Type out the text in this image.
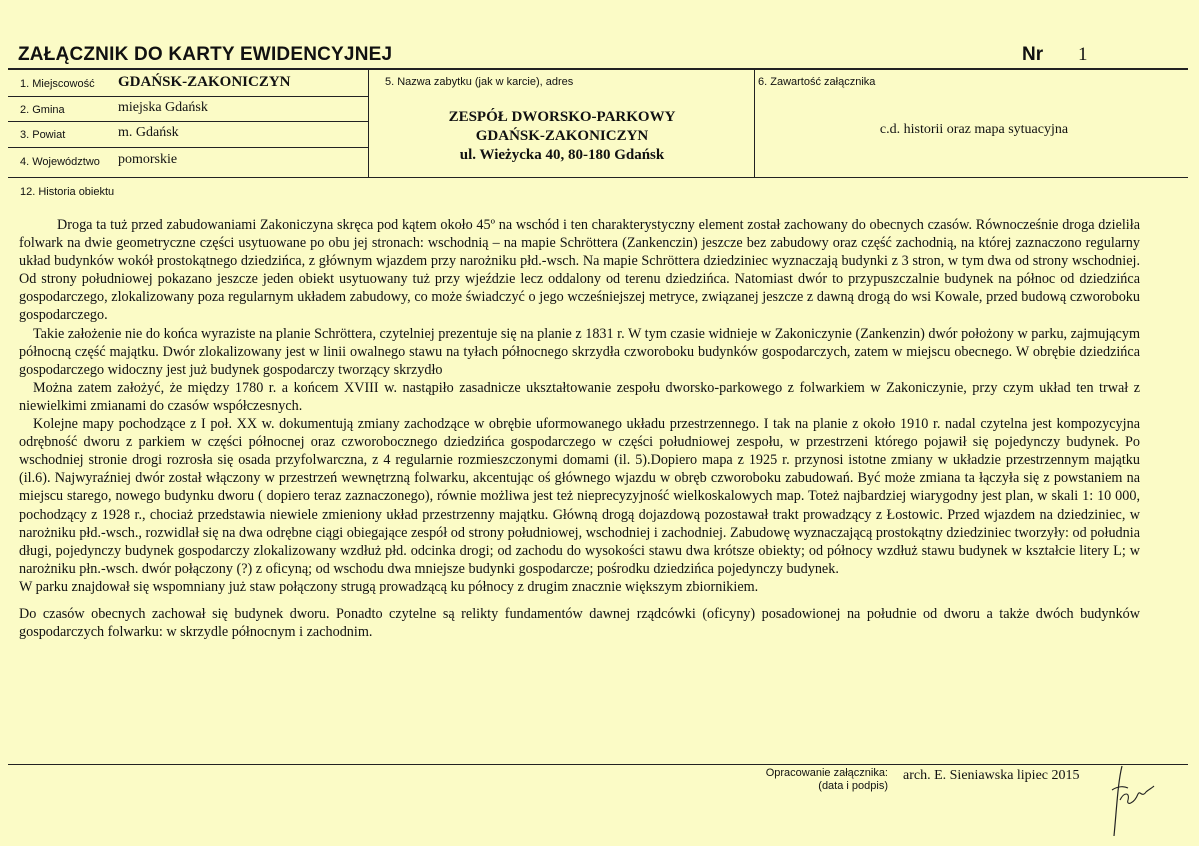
ZAŁĄCZNIK DO KARTY EWIDENCYJNEJ	Nr 1
1. Miejscowość GDAŃSK-ZAKONICZYN
2. Gmina	miejska Gdańsk
3. Powiat	m. Gdańsk
4. Województwo pomorskie
5. Nazwa zabytku (jak w karcie), adres
ZESPÓŁ DWORSKO-PARKOWY
GDAŃSK-ZAKONICZYN
ul. Wieżycka 40, 80-180 Gdańsk
6. Zawartość załącznika
c.d. historii oraz mapa sytuacyjna
12. Historia obiektu

Droga ta tuż przed zabudowaniami Zakoniczyna skręca pod kątem około 45º na wschód i ten charakterystyczny element został zachowany do obecnych czasów. Równocześnie droga dzieliła folwark na dwie geometryczne części usytuowane po obu jej stronach: wschodnią – na mapie Schröttera (Zankenczin) jeszcze bez zabudowy oraz część zachodnią, na której zaznaczono regularny układ budynków wokół prostokątnego dziedzińca, z głównym wjazdem przy narożniku płd.-wsch. Na mapie Schröttera dziedziniec wyznaczają budynki z 3 stron, w tym dwa od strony wschodniej. Od strony południowej pokazano jeszcze jeden obiekt usytuowany tuż przy wjeździe lecz oddalony od terenu dziedzińca. Natomiast dwór to przypuszczalnie budynek na północ od dziedzińca gospodarczego, zlokalizowany poza regularnym układem zabudowy, co może świadczyć o jego wcześniejszej metryce, związanej jeszcze z dawną drogą do wsi Kowale, przed budową czworoboku gospodarczego.

Takie założenie nie do końca wyraziste na planie Schröttera, czytelniej prezentuje się na planie z 1831 r. W tym czasie widnieje w Zakoniczynie (Zankenzin) dwór położony w parku, zajmującym północną część majątku. Dwór zlokalizowany jest w linii owalnego stawu na tyłach północnego skrzydła czworoboku budynków gospodarczych, zatem w miejscu obecnego. W obrębie dziedzińca gospodarczego widoczny jest już budynek gospodarczy tworzący skrzydło

Można zatem założyć, że między 1780 r. a końcem XVIII w. nastąpiło zasadnicze ukształtowanie zespołu dworsko-parkowego z folwarkiem w Zakoniczynie, przy czym układ ten trwał z niewielkimi zmianami do czasów współczesnych.

Kolejne mapy pochodzące z I poł. XX w. dokumentują zmiany zachodzące w obrębie uformowanego układu przestrzennego. I tak na planie z około 1910 r. nadal czytelna jest kompozycyjna odrębność dworu z parkiem w części północnej oraz czworobocznego dziedzińca gospodarczego w części południowej zespołu, w przestrzeni którego pojawił się pojedynczy budynek. Po wschodniej stronie drogi rozrosła się osada przyfolwarczna, z 4 regularnie rozmieszczonymi domami (il. 5).Dopiero mapa z 1925 r. przynosi istotne zmiany w układzie przestrzennym majątku (il.6). Najwyraźniej dwór został włączony w przestrzeń wewnętrzną folwarku, akcentując oś głównego wjazdu w obręb czworoboku zabudowań. Być może zmiana ta łączyła się z powstaniem na miejscu starego, nowego budynku dworu ( dopiero teraz zaznaczonego), równie możliwa jest też nieprecyzyjność wielkoskalowych map. Toteż najbardziej wiarygodny jest plan, w skali 1: 10 000, pochodzący z 1928 r., chociaż przedstawia niewiele zmieniony układ przestrzenny majątku. Główną drogą dojazdową pozostawał trakt prowadzący z Łostowic. Przed wjazdem na dziedziniec, w narożniku płd.-wsch., rozwidlał się na dwa odrębne ciągi obiegające zespół od strony południowej, wschodniej i zachodniej. Zabudowę wyznaczającą prostokątny dziedziniec tworzyły: od południa długi, pojedynczy budynek gospodarczy zlokalizowany wzdłuż płd. odcinka drogi; od zachodu do wysokości stawu dwa krótsze obiekty; od północy wzdłuż stawu budynek w kształcie litery L; w narożniku płn.-wsch. dwór połączony (?) z oficyną; od wschodu dwa mniejsze budynki gospodarcze; pośrodku dziedzińca pojedynczy budynek.

W parku znajdował się wspomniany już staw połączony strugą prowadzącą ku północy z drugim znacznie większym zbiornikiem.

Do czasów obecnych zachował się budynek dworu. Ponadto czytelne są relikty fundamentów dawnej rządcówki (oficyny) posadowionej na południe od dworu a także dwóch budynków gospodarczych folwarku: w skrzydle północnym i zachodnim.

Opracowanie załącznika:
(data i podpis)
arch. E. Sieniawska lipiec 2015
